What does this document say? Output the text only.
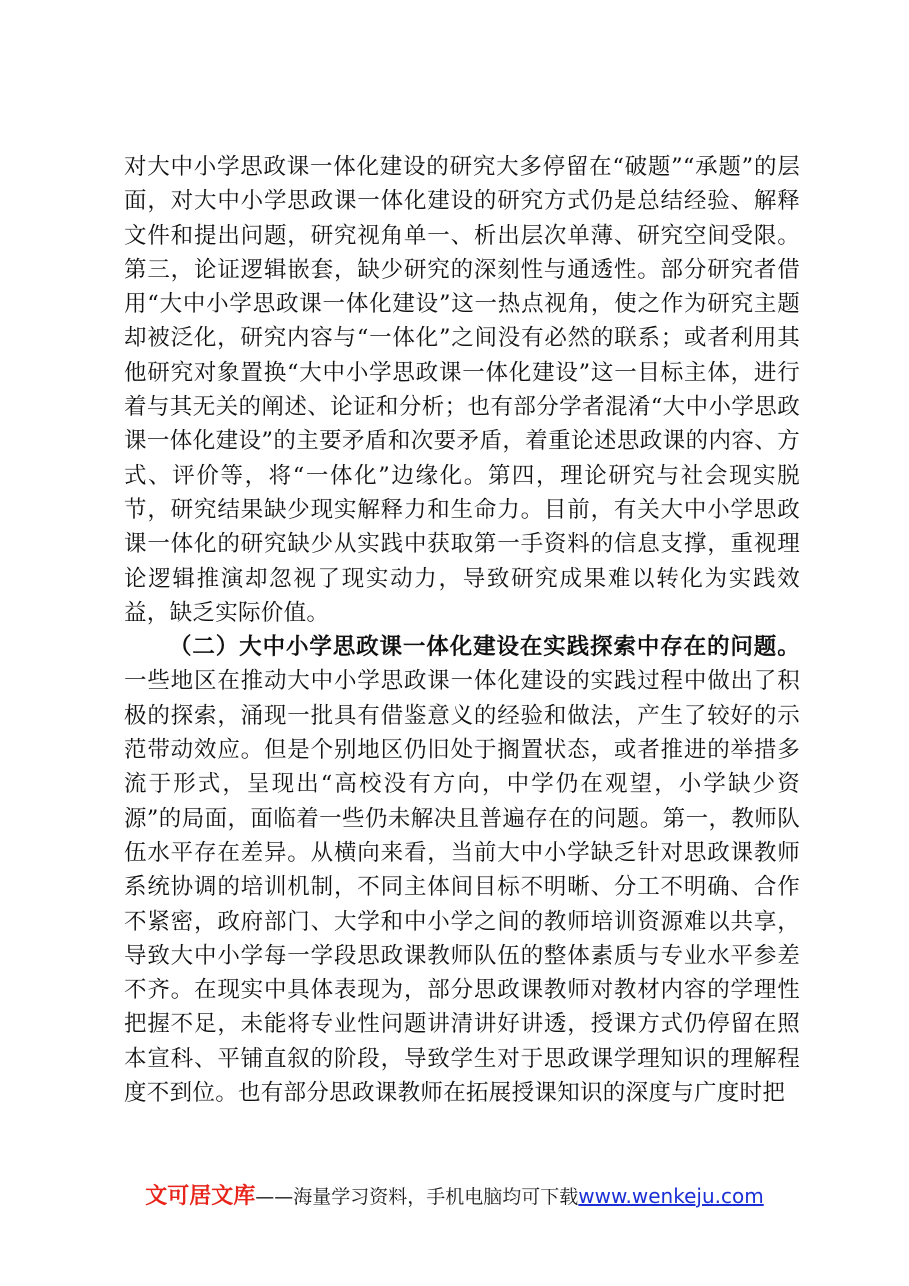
对大中小学思政课一体化建设的研究大多停留在“破题”“承题”的层面，对大中小学思政课一体化建设的研究方式仍是总结经验、解释文件和提出问题，研究视角单一、析出层次单薄、研究空间受限。第三，论证逻辑嵌套，缺少研究的深刻性与通透性。部分研究者借用“大中小学思政课一体化建设”这一热点视角，使之作为研究主题却被泛化，研究内容与“一体化”之间没有必然的联系；或者利用其他研究对象置换“大中小学思政课一体化建设”这一目标主体，进行着与其无关的阐述、论证和分析；也有部分学者混淆“大中小学思政课一体化建设”的主要矛盾和次要矛盾，着重论述思政课的内容、方式、评价等，将“一体化”边缘化。第四，理论研究与社会现实脱节，研究结果缺少现实解释力和生命力。目前，有关大中小学思政课一体化的研究缺少从实践中获取第一手资料的信息支撑，重视理论逻辑推演却忽视了现实动力，导致研究成果难以转化为实践效益，缺乏实际价值。

（二）大中小学思政课一体化建设在实践探索中存在的问题。一些地区在推动大中小学思政课一体化建设的实践过程中做出了积极的探索，涌现一批具有借鉴意义的经验和做法，产生了较好的示范带动效应。但是个别地区仍旧处于搁置状态，或者推进的举措多流于形式，呈现出“高校没有方向，中学仍在观望，小学缺少资源”的局面，面临着一些仍未解决且普遍存在的问题。第一，教师队伍水平存在差异。从横向来看，当前大中小学缺乏针对思政课教师系统协调的培训机制，不同主体间目标不明晰、分工不明确、合作不紧密，政府部门、大学和中小学之间的教师培训资源难以共享，导致大中小学每一学段思政课教师队伍的整体素质与专业水平参差不齐。在现实中具体表现为，部分思政课教师对教材内容的学理性把握不足，未能将专业性问题讲清讲好讲透，授课方式仍停留在照本宣科、平铺直叙的阶段，导致学生对于思政课学理知识的理解程度不到位。也有部分思政课教师在拓展授课知识的深度与广度时把

文可居文库——海量学习资料，手机电脑均可下载www.wenkeju.com
